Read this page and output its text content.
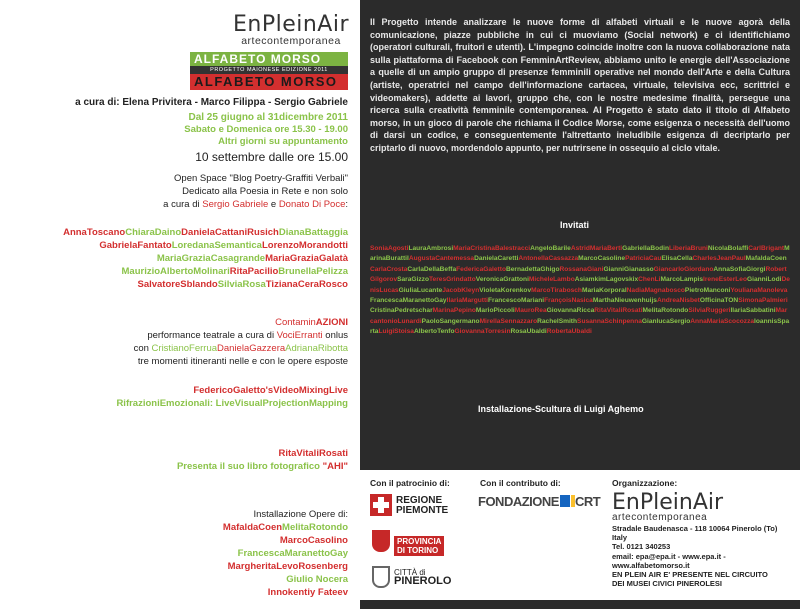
EnPleinAir
artecontemporanea
ALFABETO MORSO
PROGETTO MAIONESE EDIZIONE 2011
ALFABETO MORSO
a cura di: Elena Privitera - Marco Filippa - Sergio Gabriele
Dal 25 giugno al 31dicembre 2011
Sabato e Domenica ore 15.30 - 19.00
Altri giorni su appuntamento
10 settembre dalle ore 15.00
Open Space "Blog Poetry-Graffiti Verbali"
Dedicato alla Poesia in Rete e non solo
a cura di Sergio Gabriele e Donato Di Poce:
AnnaToscanoChiaraDainoDanielaCattaniRusichDianaBattaggia
GabrielaFantatoLoredanaSemanticaLorenzoMorandotti
MariaGraziaCasagrandeMariaGraziaGalatà
MaurizioAlbertoMolinariRitaPacilioBrunellaPelizza
SalvatoreSblandoSilviaRosaTizianaCeraRosco
ContaminAZIONI
performance teatrale a cura di VociErranti onlus
con CristianoFerruaDanielaGazzeraAdrianaRibotta
tre momenti itineranti nelle e con le opere esposte
FedericoGaletto'sVideoMixingLive
RifrazioniEmozionali: LiveVisualProjectionMapping
RitaVitaliRosati
Presenta il suo libro fotografico "AHI"
Installazione Opere di:
MafaldaCoenMelitaRotondo
MarcoCasolino
FrancescaMaranettoGay
MargheritaLevoRosenberg
Giulio Nocera
Innokentiy Fateev
Il Progetto intende analizzare le nuove forme di alfabeti virtuali e le nuove agorà della comunicazione, piazze pubbliche in cui ci muoviamo (Social network) e ci identifichiamo (operatori culturali, fruitori e utenti). L'impegno coincide inoltre con la nuova collaborazione nata sulla piattaforma di Facebook con FemminArtReview, abbiamo unito le energie dell'Associazione a quelle di un ampio gruppo di presenze femminili operative nel mondo dell'Arte e della Cultura (artiste, operatrici nel campo dell'informazione cartacea, virtuale, televisiva ecc, scrittrici e videomakers), addette ai lavori, gruppo che, con le nostre medesime finalità, persegue una ricerca sulla creatività femminile contemporanea. Al Progetto è stato dato il titolo di Alfabeto morso, in un gioco di parole che richiama il Codice Morse, come esigenza o necessità dell'uomo di darsi un codice, e conseguentemente l'altrettanto ineludibile esigenza di decriptarlo per criptarlo di nuovo, mordendolo appunto, per nutrirsene in ossequio al ciclo vitale.
Invitati
SoniaAgostiLauraAmbrosiMariaCristinaBalestracciAngeloBarileAstridMariaBertiGabriellaBodinLiberiaBruniNicolaBolaffiCarlBrigantMarinaBurattiIAugustaCantemessaDanielaCarettiAntonellaCassazzaMarcoCasolinePatriciaCauElisaCellaCharlesJeanPaulMafaldaCoenCarlaCrostaCarlaDellaBeffaFedericaGalettoBernadettaGhigoRossanaGianiGianniGianassoGiancarloGiordanoAnnaSofiaGiorgiRobertGilgorovSaraGizzoTeresGrindattoVeronicaGrattoniMicheleLamboAsiamkimLagovskixChenLiMarcoLampisIreneEsterLeoGianniLodiDenisLucasGiuliaLucanteJacobKleynVioletaKorenkovMarcoTiraboschMariaKorporalNadiaMagnaboscoPietroManconiYoulianaManolevaFrancescaMaranettoGayIlariaMarguttiFrancescoMarianiFrançoisNasicaMarthaNieuwenhuijsAndreaNisbetOfficinaTONSimonaPalmieriCristinaPedretscharMarinaPepinoMarioPiccoliMauroReaGiovannaRiccaRitaVitaliRosatiMelitaRotondoSilviaRuggeriIlariaSabbatiniMarcantonioLunardiPaoloSangermanoMirellaSennazzaroRachelSmithSusannaSchinpennaGianlucaSergioAnnaMariaScocozzaIoannisSpartaLuigiStoisaAlbertoTenfoGiovannaTorresinRosaUbaldiRobertaUbaldi
Installazione-Scultura di Luigi Aghemo
Con il patrocinio di:	Con il contributo di:	Organizzazione:
REGIONE
PIEMONTE
PROVINCIA
DI TORINO
CITTÀ di
PINEROLO
FONDAZIONE CRT EnPleinAir
artecontemporanea
Stradale Baudenasca - 118 10064 Pinerolo (To)
Italy
Tel. 0121 340253
email: epa@epa.it - www.epa.it -
www.alfabetomorso.it
EN PLEIN AIR E' PRESENTE NEL CIRCUITO
DEI MUSEI CIVICI PINEROLESI
